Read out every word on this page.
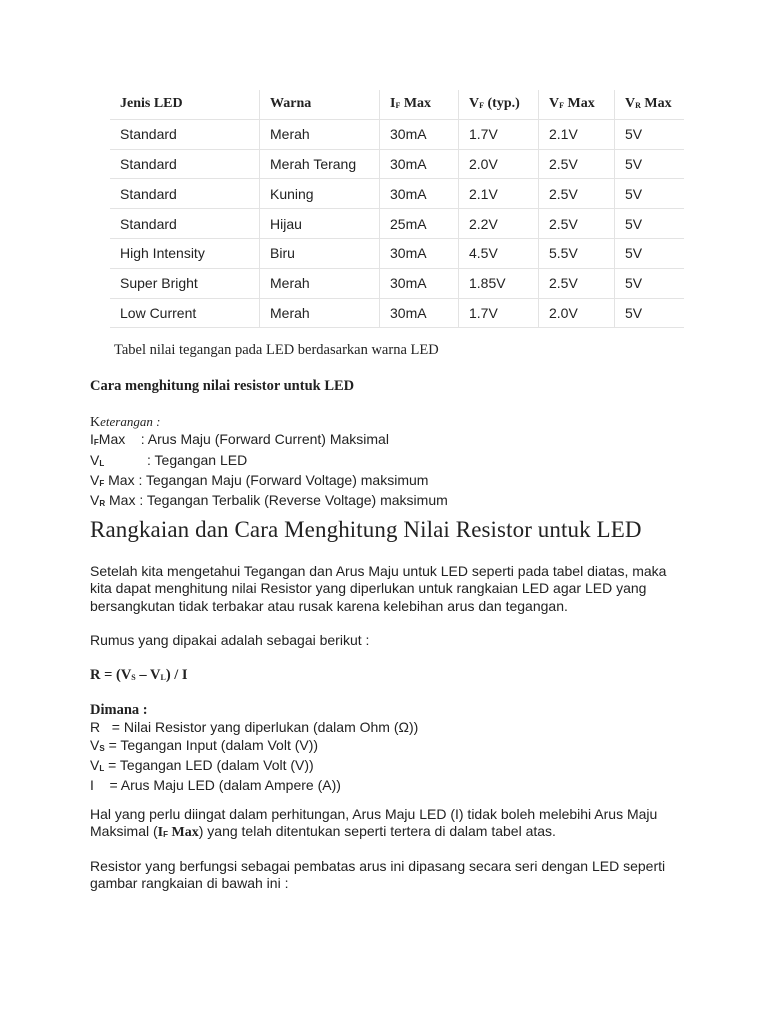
Jenis LED	Warna	$I_F$ Max	$V_F$ (typ.)	$V_F$ Max	$V_R$ Max
Standard	Merah	30mA	1.7V	2.1V	5V
Standard	Merah Terang	30mA	2.0V	2.5V	5V
Standard	Kuning	30mA	2.1V	2.5V	5V
Standard	Hijau	25mA	2.2V	2.5V	5V
High Intensity	Biru	30mA	4.5V	5.5V	5V
Super Bright	Merah	30mA	1.85V	2.5V	5V
Low Current	Merah	30mA	1.7V	2.0V	5V
Tabel nilai tegangan pada LED berdasarkan warna LED
Cara menghitung nilai resistor untuk LED
Keterangan :
$I_FMax$    : Arus Maju (Forward Current) Maksimal
$V_L$           : Tegangan LED
$V_F$ Max : Tegangan Maju (Forward Voltage) maksimum
$V_R$ Max : Tegangan Terbalik (Reverse Voltage) maksimum
Rangkaian dan Cara Menghitung Nilai Resistor untuk LED
Setelah kita mengetahui Tegangan dan Arus Maju untuk LED seperti pada tabel diatas, maka kita dapat menghitung nilai Resistor yang diperlukan untuk rangkaian LED agar LED yang bersangkutan tidak terbakar atau rusak karena kelebihan arus dan tegangan.
Rumus yang dipakai adalah sebagai berikut :
$R = (V_S - V_L) / I$
Dimana :
R   = Nilai Resistor yang diperlukan (dalam Ohm (Ω))
$V_S$ = Tegangan Input (dalam Volt (V))
$V_L$ = Tegangan LED (dalam Volt (V))
I    = Arus Maju LED (dalam Ampere (A))
Hal yang perlu diingat dalam perhitungan, Arus Maju LED (I) tidak boleh melebihi Arus Maju Maksimal ($I_F$ Max) yang telah ditentukan seperti tertera di dalam tabel atas.
Resistor yang berfungsi sebagai pembatas arus ini dipasang secara seri dengan LED seperti gambar rangkaian di bawah ini :
